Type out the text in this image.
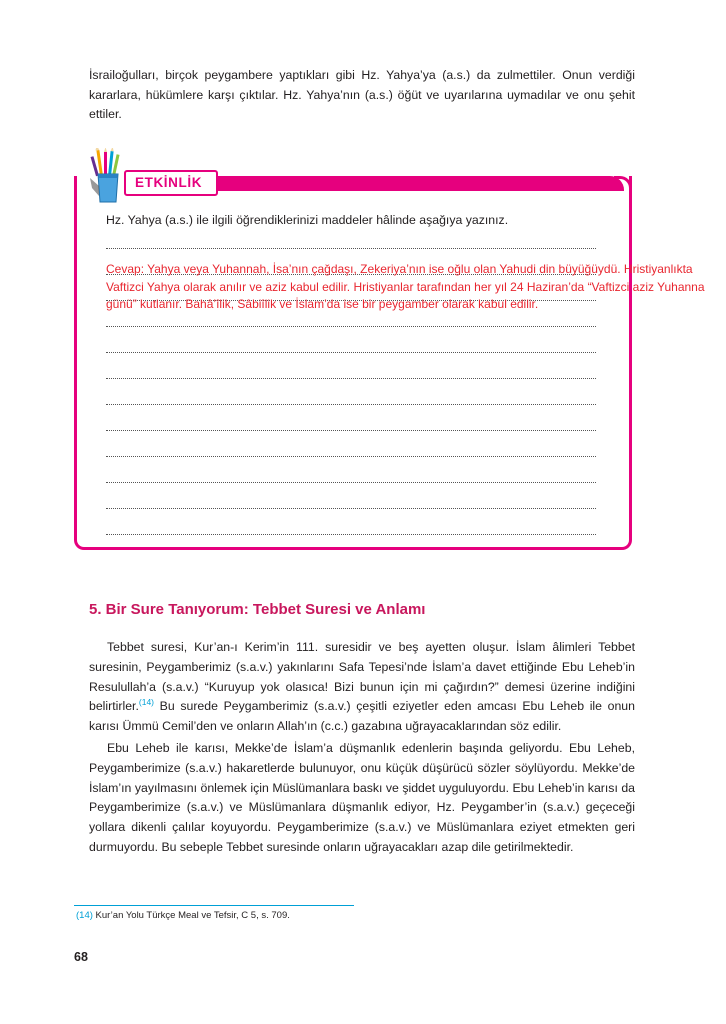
İsrailoğulları, birçok peygambere yaptıkları gibi Hz. Yahya’ya (a.s.) da zulmettiler. Onun verdiği kararlara, hükümlere karşı çıktılar. Hz. Yahya’nın (a.s.) öğüt ve uyarılarına uymadılar ve onu şehit ettiler.
ETKİNLİK
Hz. Yahya (a.s.) ile ilgili öğrendiklerinizi maddeler hâlinde aşağıya yazınız.
Cevap: Yahya veya Yuhannah, İsa’nın çağdaşı, Zekeriya’nın ise oğlu olan Yahudi din büyüğüydü. Hristiyanlıkta Vaftizci Yahya olarak anılır ve aziz kabul edilir. Hristiyanlar tarafından her yıl 24 Haziran’da “Vaftizci aziz Yuhanna günü” kutlanır. Bahâ’îlik, Sâbiîlik ve İslam’da ise bir peygamber olarak kabul edilir.
5. Bir Sure Tanıyorum: Tebbet Suresi ve Anlamı

Tebbet suresi, Kur’an-ı Kerim’in 111. suresidir ve beş ayetten oluşur. İslam âlimleri Tebbet suresinin, Peygamberimiz (s.a.v.) yakınlarını Safa Tepesi’nde İslam’a davet ettiğinde Ebu Leheb’in Resulullah’a (s.a.v.) “Kuruyup yok olasıca! Bizi bunun için mi çağırdın?” demesi üzerine indiğini belirtirler.$^{(14)}$ Bu surede Peygamberimiz (s.a.v.) çeşitli eziyetler eden amcası Ebu Leheb ile onun karısı Ümmü Cemil’den ve onların Allah’ın (c.c.) gazabına uğrayacaklarından söz edilir.

Ebu Leheb ile karısı, Mekke’de İslam’a düşmanlık edenlerin başında geliyordu. Ebu Leheb, Peygamberimize (s.a.v.) hakaretlerde bulunuyor, onu küçük düşürücü sözler söylüyordu. Mekke’de İslam’ın yayılmasını önlemek için Müslümanlara baskı ve şiddet uyguluyordu. Ebu Leheb’in karısı da Peygamberimize (s.a.v.) ve Müslümanlara düşmanlık ediyor, Hz. Peygamber’in (s.a.v.) geçeceği yollara dikenli çalılar koyuyordu. Peygamberimize (s.a.v.) ve Müslümanlara eziyet etmekten geri durmuyordu. Bu sebeple Tebbet suresinde onların uğrayacakları azap dile getirilmektedir.

(14) Kur’an Yolu Türkçe Meal ve Tefsir, C 5, s. 709.
68
